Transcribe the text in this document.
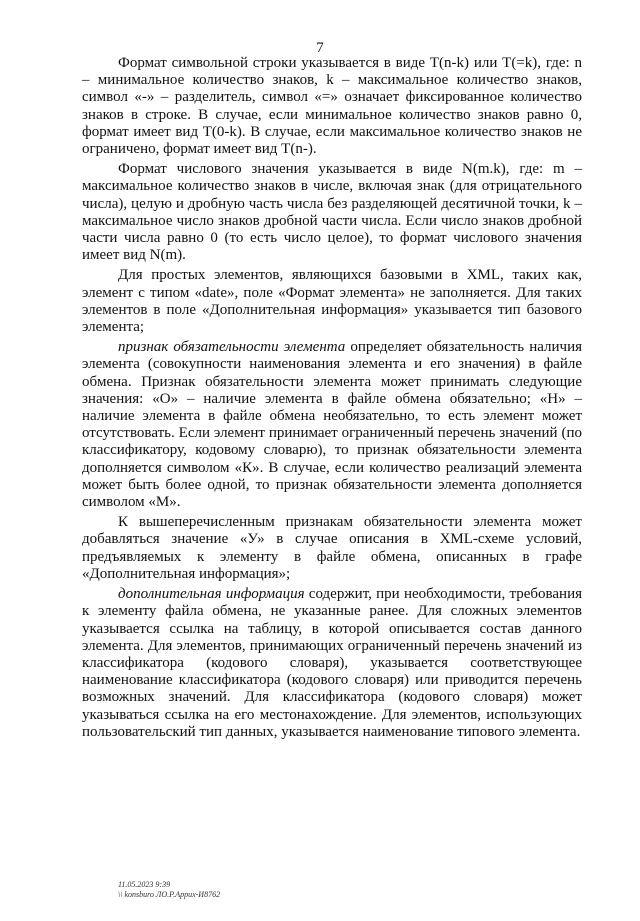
7

Формат символьной строки указывается в виде T(n-k) или T(=k), где: n – минимальное количество знаков, k – максимальное количество знаков, символ «-» – разделитель, символ «=» означает фиксированное количество знаков в строке. В случае, если минимальное количество знаков равно 0, формат имеет вид T(0-k). В случае, если максимальное количество знаков не ограничено, формат имеет вид T(n-).

Формат числового значения указывается в виде N(m.k), где: m – максимальное количество знаков в числе, включая знак (для отрицательного числа), целую и дробную часть числа без разделяющей десятичной точки, k – максимальное число знаков дробной части числа. Если число знаков дробной части числа равно 0 (то есть число целое), то формат числового значения имеет вид N(m).

Для простых элементов, являющихся базовыми в XML, таких как, элемент с типом «date», поле «Формат элемента» не заполняется. Для таких элементов в поле «Дополнительная информация» указывается тип базового элемента;

признак обязательности элемента определяет обязательность наличия элемента (совокупности наименования элемента и его значения) в файле обмена. Признак обязательности элемента может принимать следующие значения: «О» – наличие элемента в файле обмена обязательно; «Н» – наличие элемента в файле обмена необязательно, то есть элемент может отсутствовать. Если элемент принимает ограниченный перечень значений (по классификатору, кодовому словарю), то признак обязательности элемента дополняется символом «К». В случае, если количество реализаций элемента может быть более одной, то признак обязательности элемента дополняется символом «М».

К вышеперечисленным признакам обязательности элемента может добавляться значение «У» в случае описания в XML-схеме условий, предъявляемых к элементу в файле обмена, описанных в графе «Дополнительная информация»;

дополнительная информация содержит, при необходимости, требования к элементу файла обмена, не указанные ранее. Для сложных элементов указывается ссылка на таблицу, в которой описывается состав данного элемента. Для элементов, принимающих ограниченный перечень значений из классификатора (кодового словаря), указывается соответствующее наименование классификатора (кодового словаря) или приводится перечень возможных значений. Для классификатора (кодового словаря) может указываться ссылка на его местонахождение. Для элементов, использующих пользовательский тип данных, указывается наименование типового элемента.

11.05.2023 9:39
\\ konsburo ЛО.Р.Аррих-И8762
